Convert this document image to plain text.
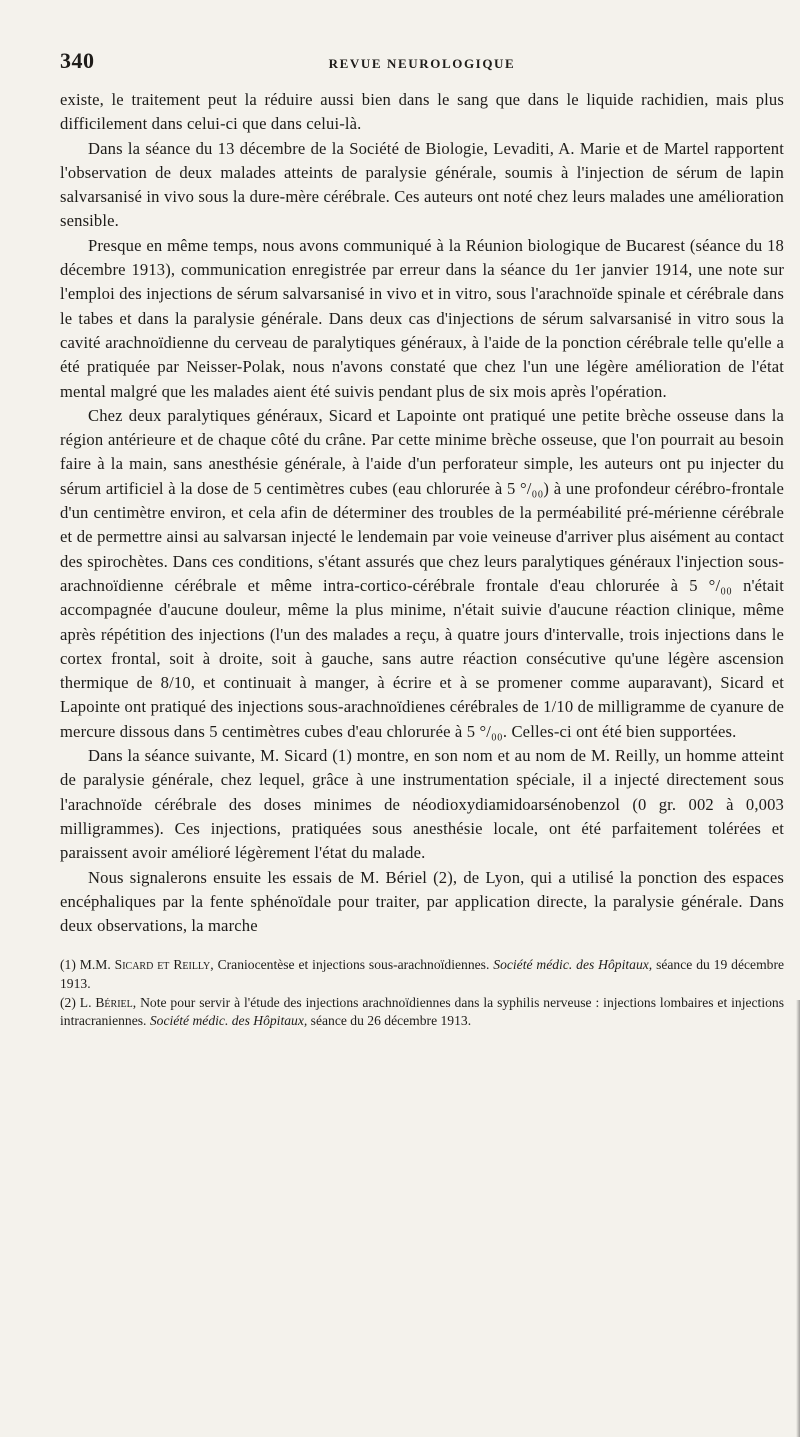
340	REVUE NEUROLOGIQUE

existe, le traitement peut la réduire aussi bien dans le sang que dans le liquide rachidien, mais plus difficilement dans celui-ci que dans celui-là.

Dans la séance du 13 décembre de la Société de Biologie, Levaditi, A. Marie et de Martel rapportent l'observation de deux malades atteints de paralysie générale, soumis à l'injection de sérum de lapin salvarsanisé in vivo sous la dure-mère cérébrale. Ces auteurs ont noté chez leurs malades une amélioration sensible.

Presque en même temps, nous avons communiqué à la Réunion biologique de Bucarest (séance du 18 décembre 1913), communication enregistrée par erreur dans la séance du 1er janvier 1914, une note sur l'emploi des injections de sérum salvarsanisé in vivo et in vitro, sous l'arachnoïde spinale et cérébrale dans le tabes et dans la paralysie générale. Dans deux cas d'injections de sérum salvarsanisé in vitro sous la cavité arachnoïdienne du cerveau de paralytiques généraux, à l'aide de la ponction cérébrale telle qu'elle a été pratiquée par Neisser-Polak, nous n'avons constaté que chez l'un une légère amélioration de l'état mental malgré que les malades aient été suivis pendant plus de six mois après l'opération.

Chez deux paralytiques généraux, Sicard et Lapointe ont pratiqué une petite brèche osseuse dans la région antérieure et de chaque côté du crâne. Par cette minime brèche osseuse, que l'on pourrait au besoin faire à la main, sans anesthésie générale, à l'aide d'un perforateur simple, les auteurs ont pu injecter du sérum artificiel à la dose de 5 centimètres cubes (eau chlorurée à 5 °/₀₀) à une profondeur cérébro-frontale d'un centimètre environ, et cela afin de déterminer des troubles de la perméabilité pré-mérienne cérébrale et de permettre ainsi au salvarsan injecté le lendemain par voie veineuse d'arriver plus aisément au contact des spirochètes. Dans ces conditions, s'étant assurés que chez leurs paralytiques généraux l'injection sous-arachnoïdienne cérébrale et même intra-cortico-cérébrale frontale d'eau chlorurée à 5 °/₀₀ n'était accompagnée d'aucune douleur, même la plus minime, n'était suivie d'aucune réaction clinique, même après répétition des injections (l'un des malades a reçu, à quatre jours d'intervalle, trois injections dans le cortex frontal, soit à droite, soit à gauche, sans autre réaction consécutive qu'une légère ascension thermique de 8/10, et continuait à manger, à écrire et à se promener comme auparavant), Sicard et Lapointe ont pratiqué des injections sous-arachnoïdienes cérébrales de 1/10 de milligramme de cyanure de mercure dissous dans 5 centimètres cubes d'eau chlorurée à 5 °/₀₀. Celles-ci ont été bien supportées.

Dans la séance suivante, M. Sicard (1) montre, en son nom et au nom de M. Reilly, un homme atteint de paralysie générale, chez lequel, grâce à une instrumentation spéciale, il a injecté directement sous l'arachnoïde cérébrale des doses minimes de néodioxydiamidoarsénobenzol (0 gr. 002 à 0,003 milligrammes). Ces injections, pratiquées sous anesthésie locale, ont été parfaitement tolérées et paraissent avoir amélioré légèrement l'état du malade.

Nous signalerons ensuite les essais de M. Bériel (2), de Lyon, qui a utilisé la ponction des espaces encéphaliques par la fente sphénoïdale pour traiter, par application directe, la paralysie générale. Dans deux observations, la marche

(1) M.M. Sicard et Reilly, Craniocentèse et injections sous-arachnoïdiennes. Société médic. des Hôpitaux, séance du 19 décembre 1913.

(2) L. Bériel, Note pour servir à l'étude des injections arachnoïdiennes dans la syphilis nerveuse : injections lombaires et injections intracraniennes. Société médic. des Hôpitaux, séance du 26 décembre 1913.
